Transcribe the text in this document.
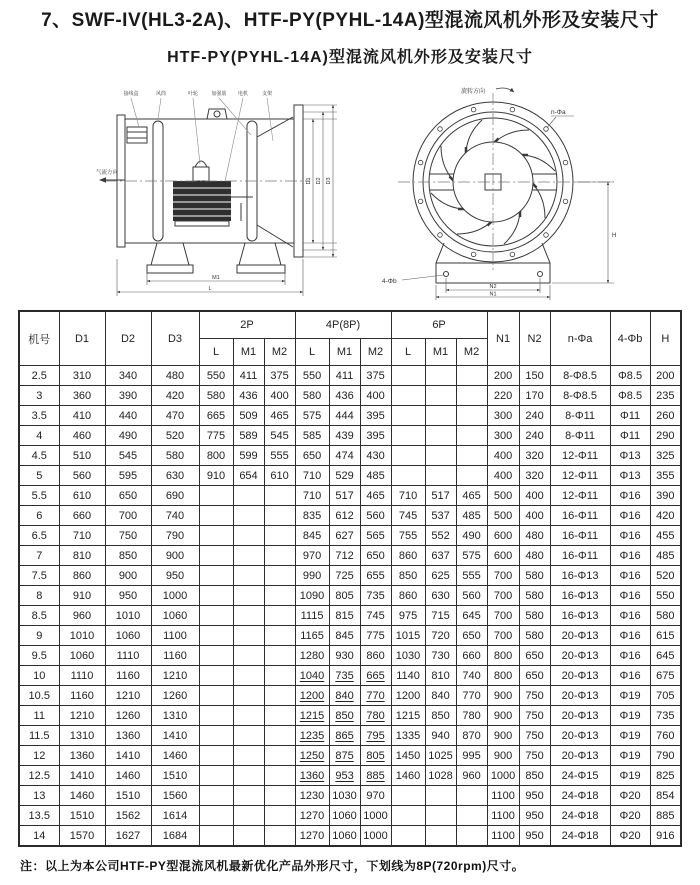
7、SWF-IV(HL3-2A)、HTF-PY(PYHL-14A)型混流风机外形及安装尺寸
HTF-PY(PYHL-14A)型混流风机外形及安装尺寸
气流方向
接线盒	风筒	叶轮	加强筋 电机	支架
D1 D2 D3
M1
L
旋转方向
n-Φa
4-Φb
N2
N1
H
机号	D1	D2	D3	2P			4P(8P)			6P			N1	N2	n-Φa	4-Φb	H
				L	M1	M2	L	M1	M2	L	M1	M2					
2.5	310	340	480	550	411	375	550	411	375				200	150	8-Φ8.5	Φ8.5	200
3	360	390	420	580	436	400	580	436	400				220	170	8-Φ8.5	Φ8.5	235
3.5	410	440	470	665	509	465	575	444	395				300	240	8-Φ11	Φ11	260
4	460	490	520	775	589	545	585	439	395				300	240	8-Φ11	Φ11	290
4.5	510	545	580	800	599	555	650	474	430				400	320	12-Φ11	Φ13	325
5	560	595	630	910	654	610	710	529	485				400	320	12-Φ11	Φ13	355
5.5	610	650	690				710	517	465	710	517	465	500	400	12-Φ11	Φ16	390
6	660	700	740				835	612	560	745	537	485	500	400	16-Φ11	Φ16	420
6.5	710	750	790				845	627	565	755	552	490	600	480	16-Φ11	Φ16	455
7	810	850	900				970	712	650	860	637	575	600	480	16-Φ11	Φ16	485
7.5	860	900	950				990	725	655	850	625	555	700	580	16-Φ13	Φ16	520
8	910	950	1000				1090	805	735	860	630	560	700	580	16-Φ13	Φ16	550
8.5	960	1010	1060				1115	815	745	975	715	645	700	580	16-Φ13	Φ16	580
9	1010	1060	1100				1165	845	775	1015	720	650	700	580	20-Φ13	Φ16	615
9.5	1060	1110	1160				1280	930	860	1030	730	660	800	650	20-Φ13	Φ16	645
10	1110	1160	1210				1040	735	665	1140	810	740	800	650	20-Φ13	Φ16	675
10.5	1160	1210	1260				1200	840	770	1200	840	770	900	750	20-Φ13	Φ19	705
11	1210	1260	1310				1215	850	780	1215	850	780	900	750	20-Φ13	Φ19	735
11.5	1310	1360	1410				1235	865	795	1335	940	870	900	750	20-Φ13	Φ19	760
12	1360	1410	1460				1250	875	805	1450	1025	995	900	750	20-Φ13	Φ19	790
12.5	1410	1460	1510				1360	953	885	1460	1028	960	1000	850	24-Φ15	Φ19	825
13	1460	1510	1560				1230	1030	970				1100	950	24-Φ18	Φ20	854
13.5	1510	1562	1614				1270	1060	1000				1100	950	24-Φ18	Φ20	885
14	1570	1627	1684				1270	1060	1000				1100	950	24-Φ18	Φ20	916
注：以上为本公司HTF-PY型混流风机最新优化产品外形尺寸，下划线为8P(720rpm)尺寸。
